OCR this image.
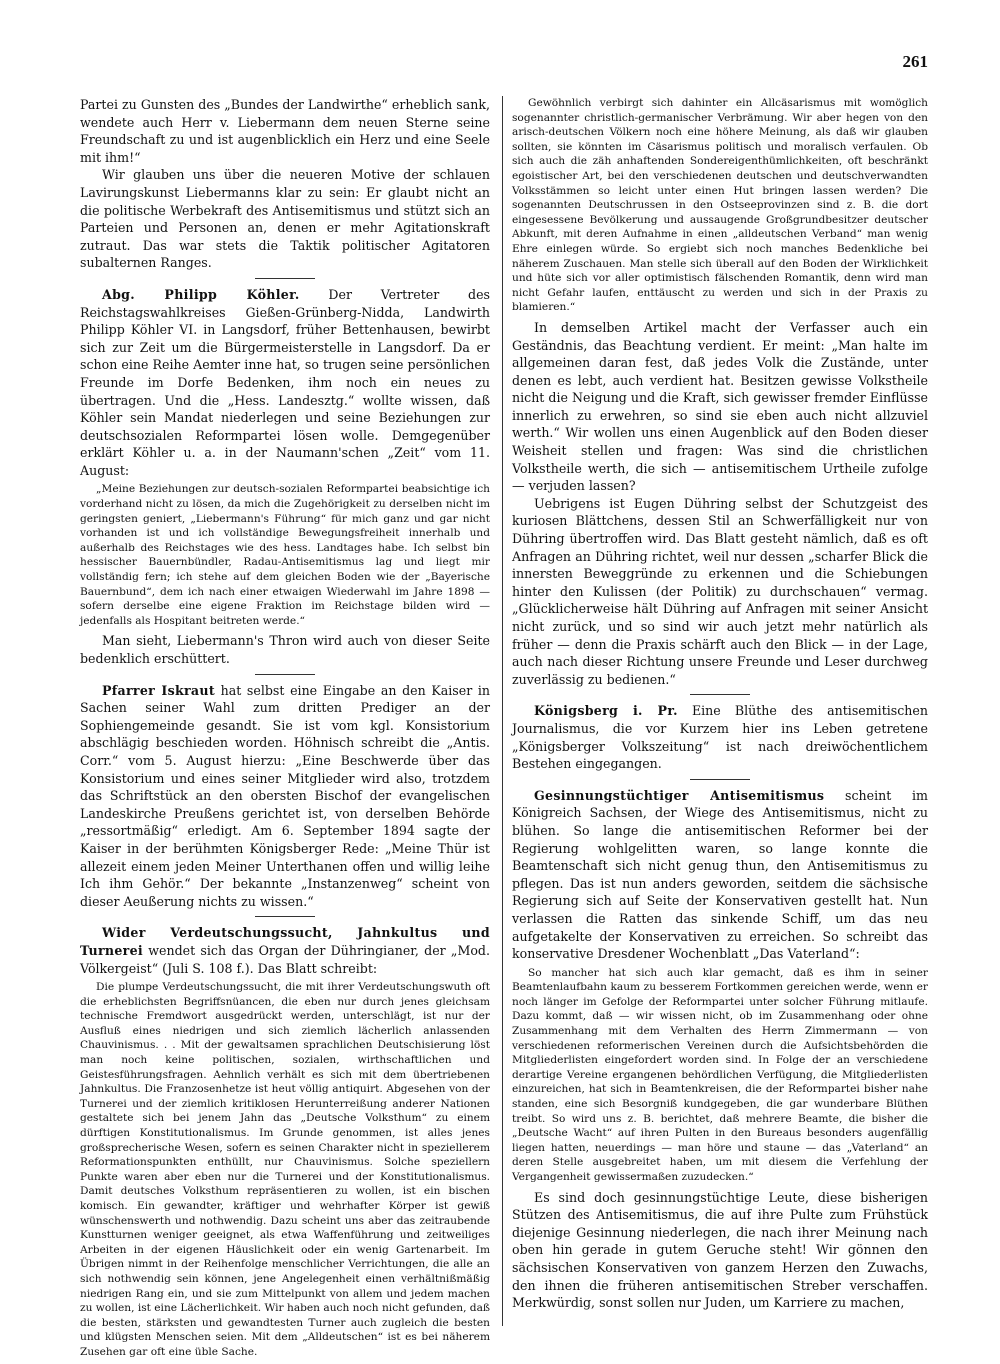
261

Partei zu Gunsten des „Bundes der Landwirthe“ erheblich sank, wendete auch Herr v. Liebermann dem neuen Sterne seine Freundschaft zu und ist augenblicklich ein Herz und eine Seele mit ihm!“

Wir glauben uns über die neueren Motive der schlauen Lavirungskunst Liebermanns klar zu sein: Er glaubt nicht an die politische Werbekraft des Antisemitismus und stützt sich an Parteien und Personen an, denen er mehr Agitationskraft zutraut. Das war stets die Taktik politischer Agitatoren subalternen Ranges.

Abg. Philipp Köhler. Der Vertreter des Reichstagswahlkreises Gießen-Grünberg-Nidda, Landwirth Philipp Köhler VI. in Langsdorf, früher Bettenhausen, bewirbt sich zur Zeit um die Bürgermeisterstelle in Langsdorf. Da er schon eine Reihe Aemter inne hat, so trugen seine persönlichen Freunde im Dorfe Bedenken, ihm noch ein neues zu übertragen. Und die „Hess. Landesztg.“ wollte wissen, daß Köhler sein Mandat niederlegen und seine Beziehungen zur deutschsozialen Reformpartei lösen wolle. Demgegenüber erklärt Köhler u. a. in der Naumann'schen „Zeit“ vom 11. August:

„Meine Beziehungen zur deutsch-sozialen Reformpartei beabsichtige ich vorderhand nicht zu lösen, da mich die Zugehörigkeit zu derselben nicht im geringsten geniert, „Liebermann's Führung“ für mich ganz und gar nicht vorhanden ist und ich vollständige Bewegungsfreiheit innerhalb und außerhalb des Reichstages wie des hess. Landtages habe. Ich selbst bin hessischer Bauernbündler, Radau-Antisemitismus lag und liegt mir vollständig fern; ich stehe auf dem gleichen Boden wie der „Bayerische Bauernbund“, dem ich nach einer etwaigen Wiederwahl im Jahre 1898 — sofern derselbe eine eigene Fraktion im Reichstage bilden wird — jedenfalls als Hospitant beitreten werde.“

Man sieht, Liebermann's Thron wird auch von dieser Seite bedenklich erschüttert.

Pfarrer Iskraut hat selbst eine Eingabe an den Kaiser in Sachen seiner Wahl zum dritten Prediger an der Sophiengemeinde gesandt. Sie ist vom kgl. Konsistorium abschlägig beschieden worden. Höhnisch schreibt die „Antis. Corr.“ vom 5. August hierzu: „Eine Beschwerde über das Konsistorium und eines seiner Mitglieder wird also, trotzdem das Schriftstück an den obersten Bischof der evangelischen Landeskirche Preußens gerichtet ist, von derselben Behörde „ressortmäßig“ erledigt. Am 6. September 1894 sagte der Kaiser in der berühmten Königsberger Rede: „Meine Thür ist allezeit einem jeden Meiner Unterthanen offen und willig leihe Ich ihm Gehör.“ Der bekannte „Instanzenweg“ scheint von dieser Aeußerung nichts zu wissen.“

Wider Verdeutschungssucht, Jahnkultus und Turnerei wendet sich das Organ der Dühringianer, der „Mod. Völkergeist“ (Juli S. 108 f.). Das Blatt schreibt:

Die plumpe Verdeutschungssucht, die mit ihrer Verdeutschungswuth oft die erheblichsten Begriffsnüancen, die eben nur durch jenes gleichsam technische Fremdwort ausgedrückt werden, unterschlägt, ist nur der Ausfluß eines niedrigen und sich ziemlich lächerlich anlassenden Chauvinismus. . . Mit der gewaltsamen sprachlichen Deutschisierung löst man noch keine politischen, sozialen, wirthschaftlichen und Geistesführungsfragen. Aehnlich verhält es sich mit dem übertriebenen Jahnkultus. Die Franzosenhetze ist heut völlig antiquirt. Abgesehen von der Turnerei und der ziemlich kritiklosen Herunterreißung anderer Nationen gestaltete sich bei jenem Jahn das „Deutsche Volksthum“ zu einem dürftigen Konstitutionalismus. Im Grunde genommen, ist alles jenes großsprecherische Wesen, sofern es seinen Charakter nicht in speziellerem Reformationspunkten enthüllt, nur Chauvinismus. Solche speziellern Punkte waren aber eben nur die Turnerei und der Konstitutionalismus. Damit deutsches Volksthum repräsentieren zu wollen, ist ein bischen komisch. Ein gewandter, kräftiger und wehrhafter Körper ist gewiß wünschenswerth und nothwendig. Dazu scheint uns aber das zeitraubende Kunstturnen weniger geeignet, als etwa Waffenführung und zeitweiliges Arbeiten in der eigenen Häuslichkeit oder ein wenig Gartenarbeit. Im Übrigen nimmt in der Reihenfolge menschlicher Verrichtungen, die alle an sich nothwendig sein können, jene Angelegenheit einen verhältnißmäßig niedrigen Rang ein, und sie zum Mittelpunkt von allem und jedem machen zu wollen, ist eine Lächerlichkeit. Wir haben auch noch nicht gefunden, daß die besten, stärksten und gewandtesten Turner auch zugleich die besten und klügsten Menschen seien. Mit dem „Alldeutschen“ ist es bei näherem Zusehen gar oft eine üble Sache.

Gewöhnlich verbirgt sich dahinter ein Allcäsarismus mit womöglich sogenannter christlich-germanischer Verbrämung. Wir aber hegen von den arisch-deutschen Völkern noch eine höhere Meinung, als daß wir glauben sollten, sie könnten im Cäsarismus politisch und moralisch verfaulen. Ob sich auch die zäh anhaftenden Sondereigenthümlichkeiten, oft beschränkt egoistischer Art, bei den verschiedenen deutschen und deutschverwandten Volksstämmen so leicht unter einen Hut bringen lassen werden? Die sogenannten Deutschrussen in den Ostseeprovinzen sind z. B. die dort eingesessene Bevölkerung und aussaugende Großgrundbesitzer deutscher Abkunft, mit deren Aufnahme in einen „alldeutschen Verband“ man wenig Ehre einlegen würde. So ergiebt sich noch manches Bedenkliche bei näherem Zuschauen. Man stelle sich überall auf den Boden der Wirklichkeit und hüte sich vor aller optimistisch fälschenden Romantik, denn wird man nicht Gefahr laufen, enttäuscht zu werden und sich in der Praxis zu blamieren.“

In demselben Artikel macht der Verfasser auch ein Geständnis, das Beachtung verdient. Er meint: „Man halte im allgemeinen daran fest, daß jedes Volk die Zustände, unter denen es lebt, auch verdient hat. Besitzen gewisse Volkstheile nicht die Neigung und die Kraft, sich gewisser fremder Einflüsse innerlich zu erwehren, so sind sie eben auch nicht allzuviel werth.“ Wir wollen uns einen Augenblick auf den Boden dieser Weisheit stellen und fragen: Was sind die christlichen Volkstheile werth, die sich — antisemitischem Urtheile zufolge — verjuden lassen?

Uebrigens ist Eugen Dühring selbst der Schutzgeist des kuriosen Blättchens, dessen Stil an Schwerfälligkeit nur von Dühring übertroffen wird. Das Blatt gesteht nämlich, daß es oft Anfragen an Dühring richtet, weil nur dessen „scharfer Blick die innersten Beweggründe zu erkennen und die Schiebungen hinter den Kulissen (der Politik) zu durchschauen“ vermag. „Glücklicherweise hält Dühring auf Anfragen mit seiner Ansicht nicht zurück, und so sind wir auch jetzt mehr natürlich als früher — denn die Praxis schärft auch den Blick — in der Lage, auch nach dieser Richtung unsere Freunde und Leser durchweg zuverlässig zu bedienen.“

Königsberg i. Pr. Eine Blüthe des antisemitischen Journalismus, die vor Kurzem hier ins Leben getretene „Königsberger Volkszeitung“ ist nach dreiwöchentlichem Bestehen eingegangen.

Gesinnungstüchtiger Antisemitismus scheint im Königreich Sachsen, der Wiege des Antisemitismus, nicht zu blühen. So lange die antisemitischen Reformer bei der Regierung wohlgelitten waren, so lange konnte die Beamtenschaft sich nicht genug thun, den Antisemitismus zu pflegen. Das ist nun anders geworden, seitdem die sächsische Regierung sich auf Seite der Konservativen gestellt hat. Nun verlassen die Ratten das sinkende Schiff, um das neu aufgetakelte der Konservativen zu erreichen. So schreibt das konservative Dresdener Wochenblatt „Das Vaterland“:

So mancher hat sich auch klar gemacht, daß es ihm in seiner Beamtenlaufbahn kaum zu besserem Fortkommen gereichen werde, wenn er noch länger im Gefolge der Reformpartei unter solcher Führung mitlaufe. Dazu kommt, daß — wir wissen nicht, ob im Zusammenhang oder ohne Zusammenhang mit dem Verhalten des Herrn Zimmermann — von verschiedenen reformerischen Vereinen durch die Aufsichtsbehörden die Mitgliederlisten eingefordert worden sind. In Folge der an verschiedene derartige Vereine ergangenen behördlichen Verfügung, die Mitgliederlisten einzureichen, hat sich in Beamtenkreisen, die der Reformpartei bisher nahe standen, eine sich Besorgniß kundgegeben, die gar wunderbare Blüthen treibt. So wird uns z. B. berichtet, daß mehrere Beamte, die bisher die „Deutsche Wacht“ auf ihren Pulten in den Bureaus besonders augenfällig liegen hatten, neuerdings — man höre und staune — das „Vaterland“ an deren Stelle ausgebreitet haben, um mit diesem die Verfehlung der Vergangenheit gewissermaßen zuzudecken.“

Es sind doch gesinnungstüchtige Leute, diese bisherigen Stützen des Antisemitismus, die auf ihre Pulte zum Frühstück diejenige Gesinnung niederlegen, die nach ihrer Meinung nach oben hin gerade in gutem Geruche steht! Wir gönnen den sächsischen Konservativen von ganzem Herzen den Zuwachs, den ihnen die früheren antisemitischen Streber verschaffen. Merkwürdig, sonst sollen nur Juden, um Karriere zu machen,
